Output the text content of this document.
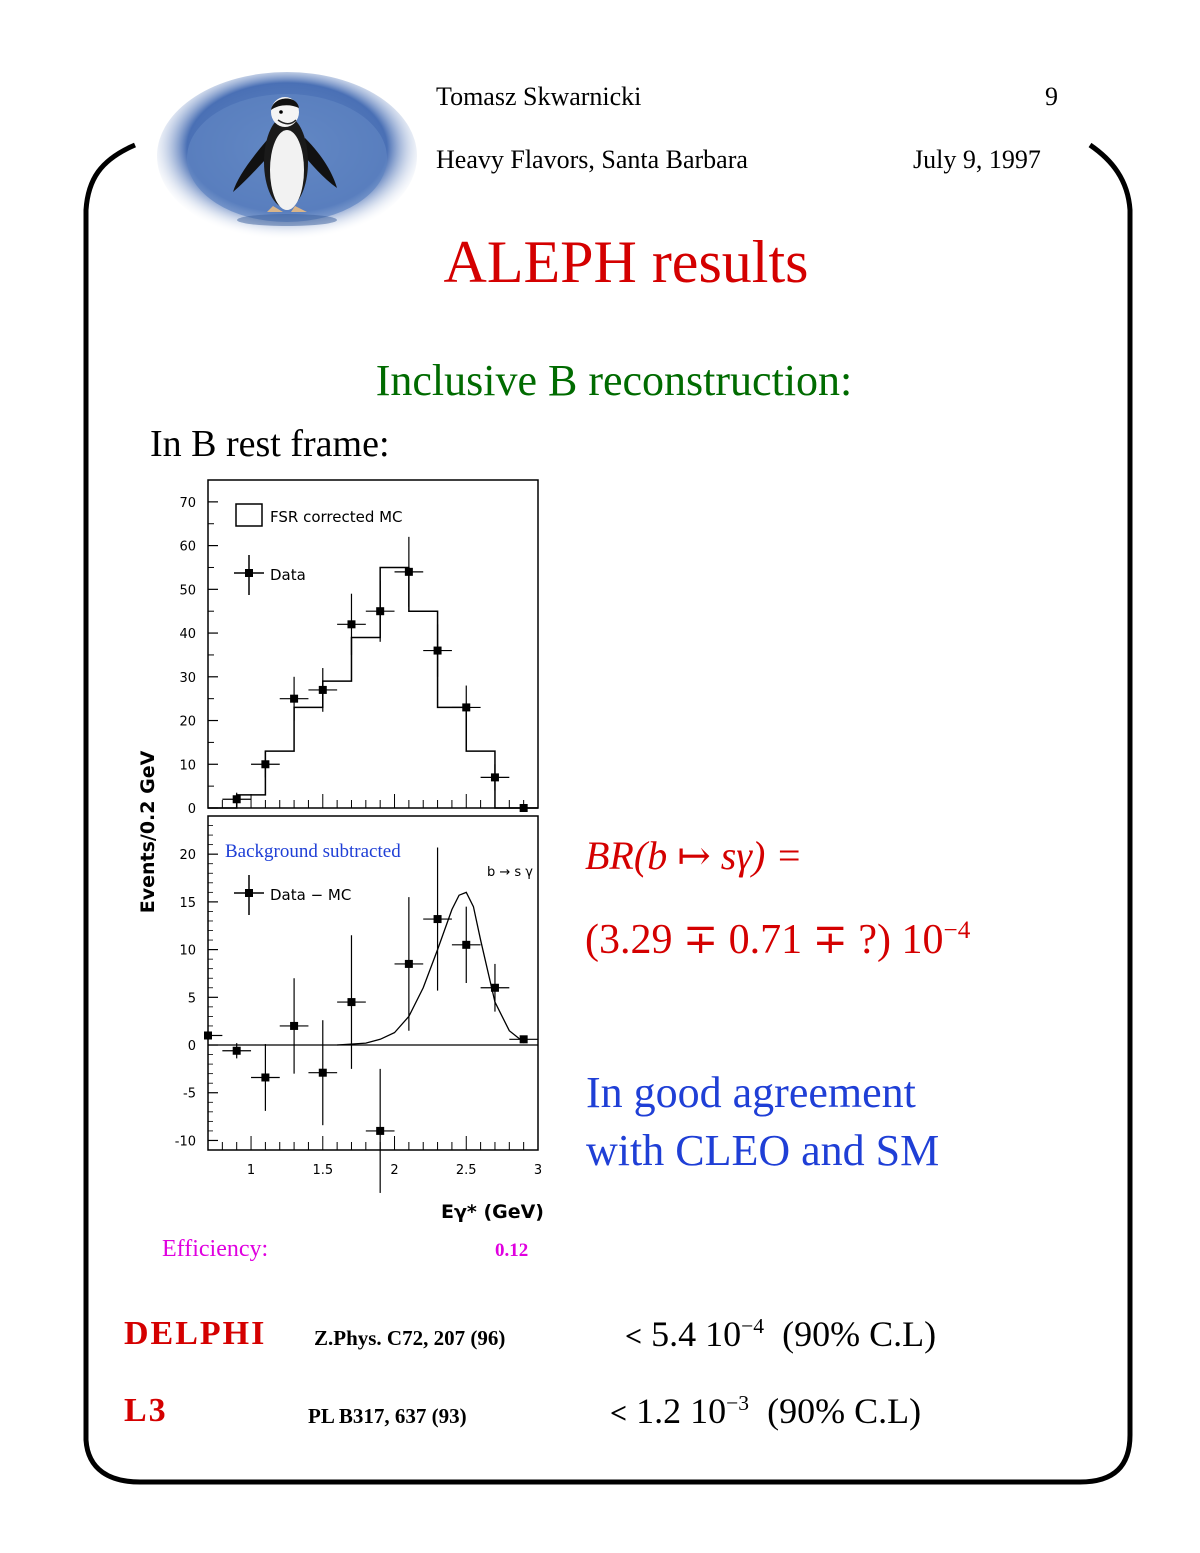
Tomasz Skwarnicki	9
Heavy Flavors, Santa Barbara	July 9, 1997
ALEPH results
Inclusive B reconstruction:
In B rest frame:
0
10
20
30
40
50
60
70
FSR corrected MC
Data
-10
-5
0
5
10
15
20
1	1.5	2	2.5	3
Background subtracted
b → s γ
Data − MC
Events/0.2 GeV
Eγ* (GeV)
Efficiency:	0.12
BR(b ↦ sγ) =
(3.29 ∓ 0.71 ∓ ?) $10^{-4}$
In good agreement
with CLEO and SM
DELPHI Z.Phys. C72, 207 (96)	< 5.4 $10^{-4}$ (90% C.L)
L3	PL B317, 637 (93)	< 1.2 $10^{-3}$ (90% C.L)
